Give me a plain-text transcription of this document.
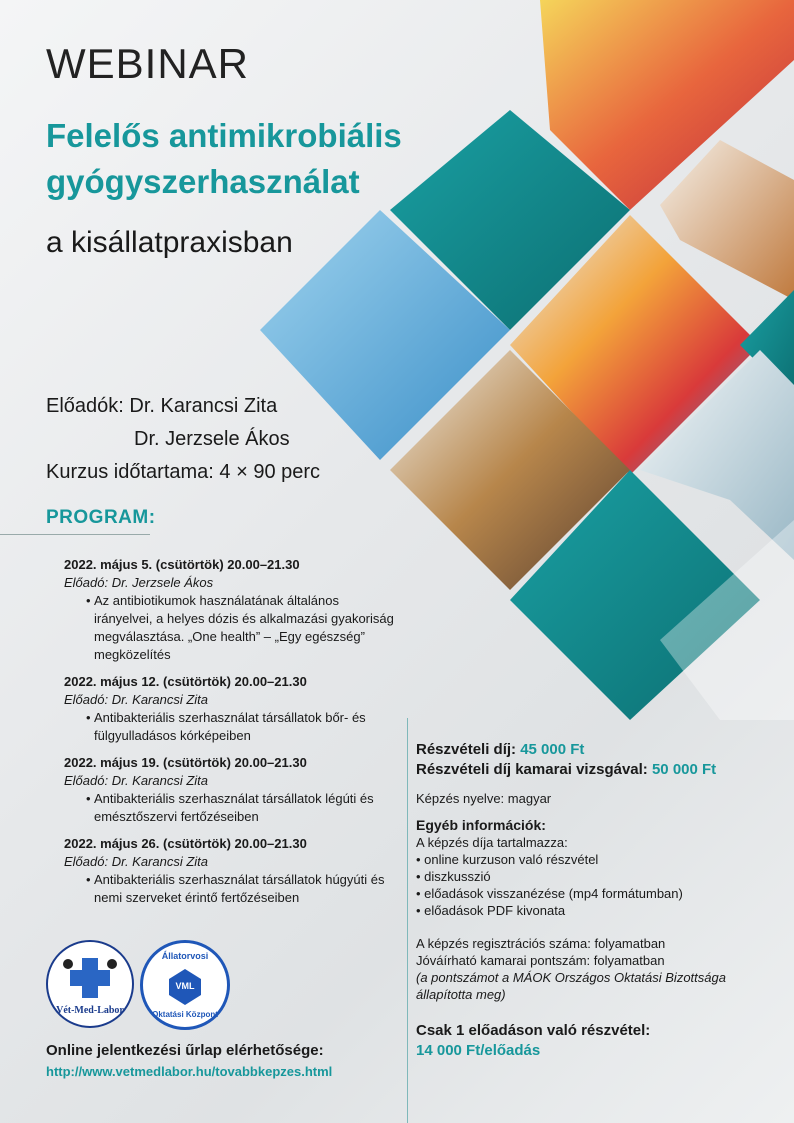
WEBINAR
Felelős antimikrobiális
gyógyszerhasználat
a kisállatpraxisban
Előadók: Dr. Karancsi Zita
Dr. Jerzsele Ákos
Kurzus időtartama: 4 × 90 perc
PROGRAM:
2022. május 5. (csütörtök) 20.00–21.30
Előadó: Dr. Jerzsele Ákos
• Az antibiotikumok használatának általános irányelvei, a helyes dózis és alkalmazási gyakoriság megválasztása. „One health” – „Egy egészség” megközelítés
2022. május 12. (csütörtök) 20.00–21.30
Előadó: Dr. Karancsi Zita
• Antibakteriális szerhasználat társállatok bőr- és fülgyulladásos kórképeiben
2022. május 19. (csütörtök) 20.00–21.30
Előadó: Dr. Karancsi Zita
• Antibakteriális szerhasználat társállatok légúti és emésztőszervi fertőzéseiben
2022. május 26. (csütörtök) 20.00–21.30
Előadó: Dr. Karancsi Zita
• Antibakteriális szerhasználat társállatok húgyúti és nemi szerveket érintő fertőzéseiben
Vét-Med-Labor
Állatorvosi
VML
Oktatási Központ
Online jelentkezési űrlap elérhetősége:
http://www.vetmedlabor.hu/tovabbkepzes.html
Részvételi díj: 45 000 Ft
Részvételi díj kamarai vizsgával: 50 000 Ft
Képzés nyelve: magyar
Egyéb információk:
A képzés díja tartalmazza:
• online kurzuson való részvétel
• diszkusszió
• előadások visszanézése (mp4 formátumban)
• előadások PDF kivonata
A képzés regisztrációs száma: folyamatban
Jóváírható kamarai pontszám: folyamatban
(a pontszámot a MÁOK Országos Oktatási Bizottsága
állapította meg)
Csak 1 előadáson való részvétel:
14 000 Ft/előadás
